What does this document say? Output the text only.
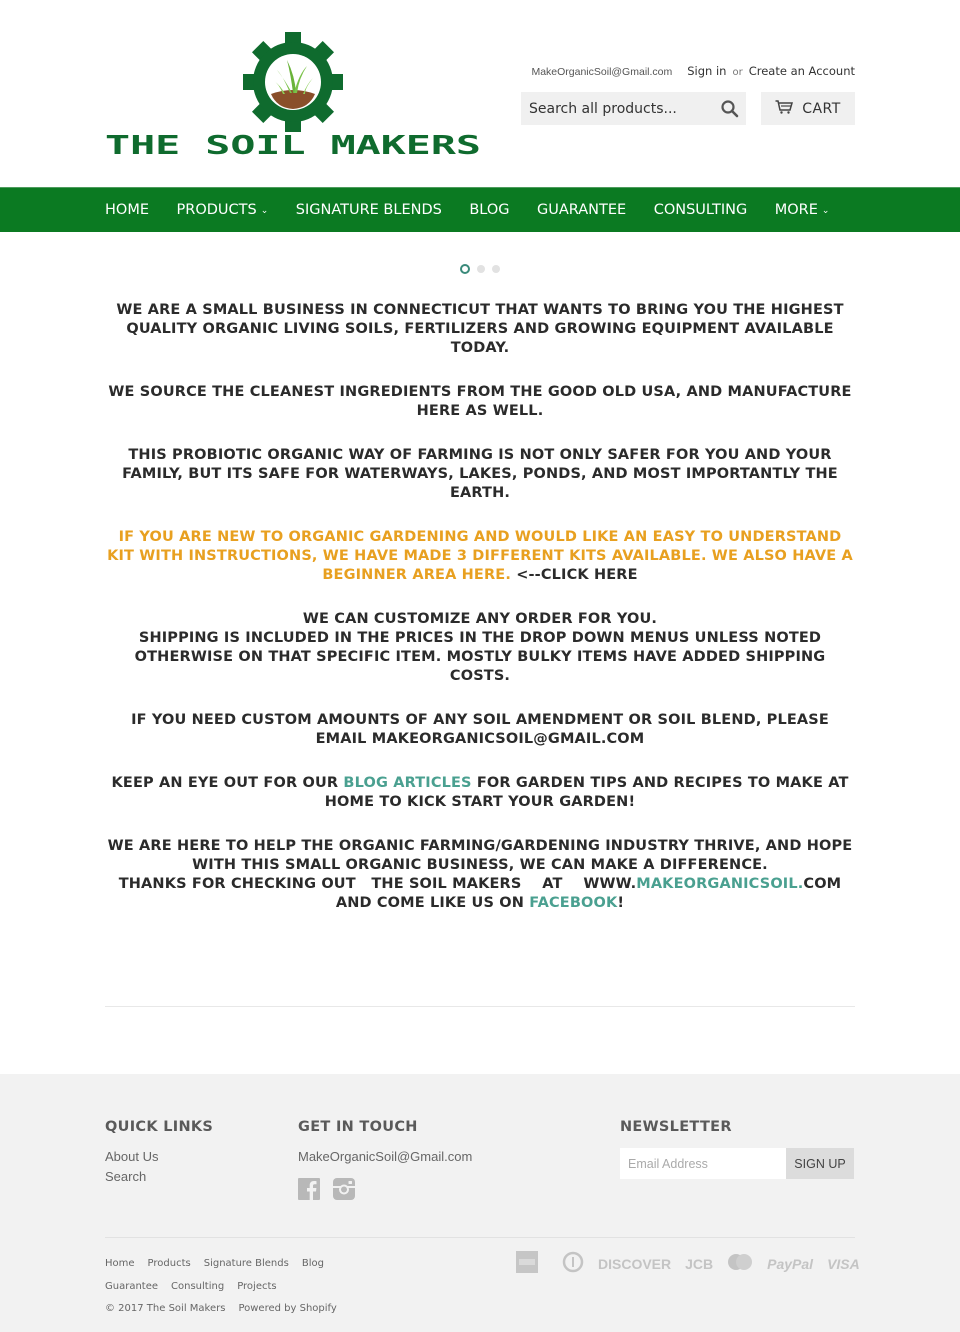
THE SOIL MAKERS
MakeOrganicSoil@Gmail.com Sign in or Create an Account
Search all products...
CART
HOME PRODUCTS ⌄ SIGNATURE BLENDS BLOG GUARANTEE CONSULTING MORE ⌄

WE ARE A SMALL BUSINESS IN CONNECTICUT THAT WANTS TO BRING YOU THE HIGHEST QUALITY ORGANIC LIVING SOILS, FERTILIZERS AND GROWING EQUIPMENT AVAILABLE TODAY.

WE SOURCE THE CLEANEST INGREDIENTS FROM THE GOOD OLD USA, AND MANUFACTURE HERE AS WELL.

THIS PROBIOTIC ORGANIC WAY OF FARMING IS NOT ONLY SAFER FOR YOU AND YOUR FAMILY, BUT ITS SAFE FOR WATERWAYS, LAKES, PONDS, AND MOST IMPORTANTLY THE EARTH.

IF YOU ARE NEW TO ORGANIC GARDENING AND WOULD LIKE AN EASY TO UNDERSTAND KIT WITH INSTRUCTIONS, WE HAVE MADE 3 DIFFERENT KITS AVAILABLE. WE ALSO HAVE A BEGINNER AREA HERE. <--CLICK HERE

WE CAN CUSTOMIZE ANY ORDER FOR YOU.

SHIPPING IS INCLUDED IN THE PRICES IN THE DROP DOWN MENUS UNLESS NOTED OTHERWISE ON THAT SPECIFIC ITEM. MOSTLY BULKY ITEMS HAVE ADDED SHIPPING COSTS.

IF YOU NEED CUSTOM AMOUNTS OF ANY SOIL AMENDMENT OR SOIL BLEND, PLEASE EMAIL MAKEORGANICSOIL@GMAIL.COM

KEEP AN EYE OUT FOR OUR BLOG ARTICLES FOR GARDEN TIPS AND RECIPES TO MAKE AT HOME TO KICK START YOUR GARDEN!

WE ARE HERE TO HELP THE ORGANIC FARMING/GARDENING INDUSTRY THRIVE, AND HOPE WITH THIS SMALL ORGANIC BUSINESS, WE CAN MAKE A DIFFERENCE.

THANKS FOR CHECKING OUT   THE SOIL MAKERS    AT    WWW.MAKEORGANICSOIL.COM AND COME LIKE US ON FACEBOOK!

QUICK LINKS
About Us
Search
GET IN TOUCH
MakeOrganicSoil@Gmail.com
NEWSLETTER
Email Address
SIGN UP
Home Products Signature Blends Blog
Guarantee Consulting Projects
© 2017 The Soil Makers Powered by Shopify
DISCOVER JCB	PayPal VISA
